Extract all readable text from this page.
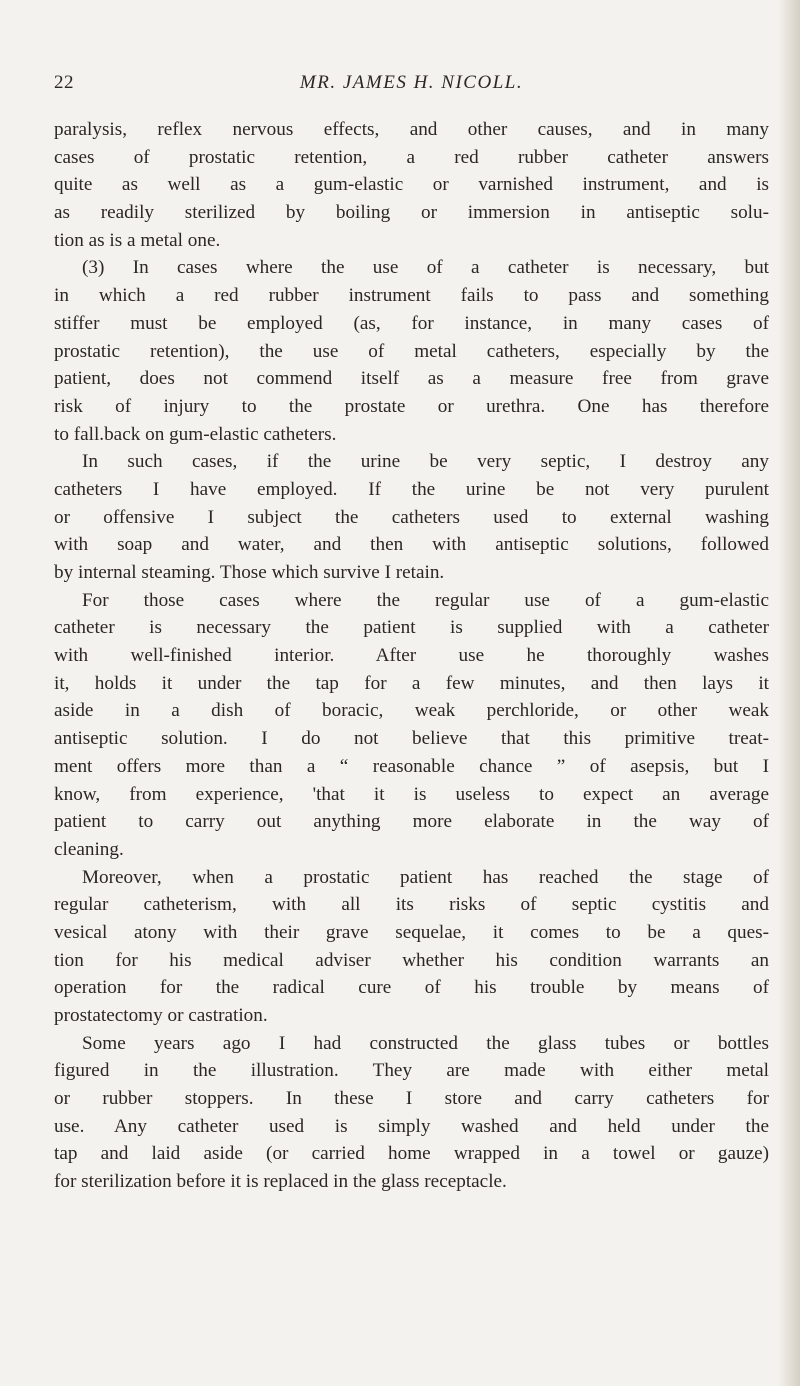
22	MR. JAMES H. NICOLL.
paralysis, reflex nervous effects, and other causes, and in many
cases of prostatic retention, a red rubber catheter answers
quite as well as a gum-elastic or varnished instrument, and is
as readily sterilized by boiling or immersion in antiseptic solu-
tion as is a metal one.
(3) In cases where the use of a catheter is necessary, but
in which a red rubber instrument fails to pass and something
stiffer must be employed (as, for instance, in many cases of
prostatic retention), the use of metal catheters, especially by the
patient, does not commend itself as a measure free from grave
risk of injury to the prostate or urethra. One has therefore
to fall.back on gum-elastic catheters.
In such cases, if the urine be very septic, I destroy any
catheters I have employed. If the urine be not very purulent
or offensive I subject the catheters used to external washing
with soap and water, and then with antiseptic solutions, followed
by internal steaming. Those which survive I retain.
For those cases where the regular use of a gum-elastic
catheter is necessary the patient is supplied with a catheter
with well-finished interior. After use he thoroughly washes
it, holds it under the tap for a few minutes, and then lays it
aside in a dish of boracic, weak perchloride, or other weak
antiseptic solution. I do not believe that this primitive treat-
ment offers more than a “ reasonable chance ” of asepsis, but I
know, from experience, 'that it is useless to expect an average
patient to carry out anything more elaborate in the way of
cleaning.
Moreover, when a prostatic patient has reached the stage of
regular catheterism, with all its risks of septic cystitis and
vesical atony with their grave sequelae, it comes to be a ques-
tion for his medical adviser whether his condition warrants an
operation for the radical cure of his trouble by means of
prostatectomy or castration.
Some years ago I had constructed the glass tubes or bottles
figured in the illustration. They are made with either metal
or rubber stoppers. In these I store and carry catheters for
use. Any catheter used is simply washed and held under the
tap and laid aside (or carried home wrapped in a towel or gauze)
for sterilization before it is replaced in the glass receptacle.
